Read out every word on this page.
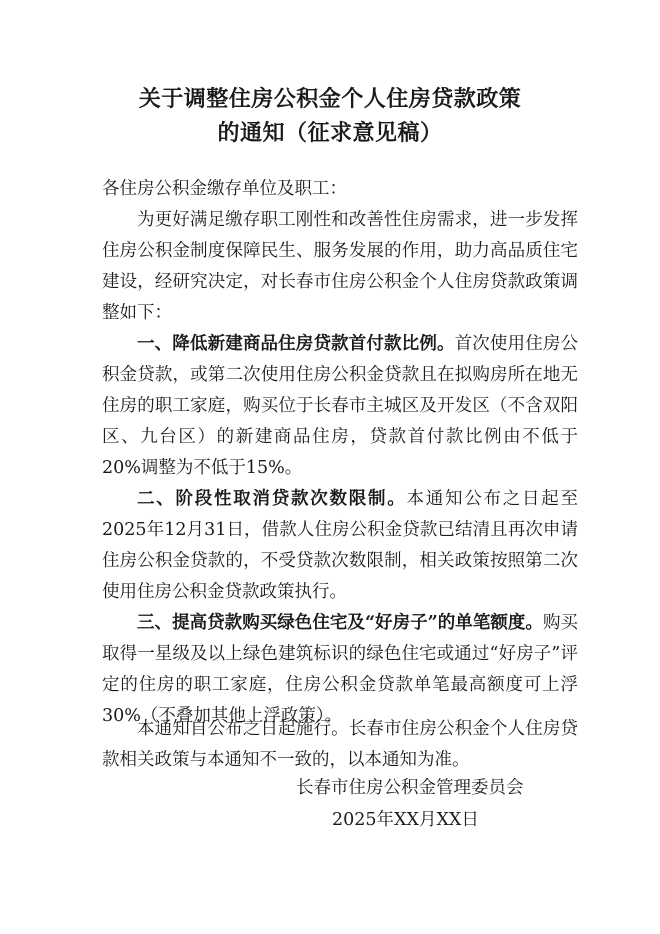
关于调整住房公积金个人住房贷款政策
的通知（征求意见稿）
各住房公积金缴存单位及职工：
为更好满足缴存职工刚性和改善性住房需求，进一步发挥住房公积金制度保障民生、服务发展的作用，助力高品质住宅建设，经研究决定，对长春市住房公积金个人住房贷款政策调整如下：
一、降低新建商品住房贷款首付款比例。首次使用住房公积金贷款，或第二次使用住房公积金贷款且在拟购房所在地无住房的职工家庭，购买位于长春市主城区及开发区（不含双阳区、九台区）的新建商品住房，贷款首付款比例由不低于20%调整为不低于15%。
二、阶段性取消贷款次数限制。本通知公布之日起至2025年12月31日，借款人住房公积金贷款已结清且再次申请住房公积金贷款的，不受贷款次数限制，相关政策按照第二次使用住房公积金贷款政策执行。
三、提高贷款购买绿色住宅及“好房子”的单笔额度。购买取得一星级及以上绿色建筑标识的绿色住宅或通过“好房子”评定的住房的职工家庭，住房公积金贷款单笔最高额度可上浮30%（不叠加其他上浮政策）。
本通知自公布之日起施行。长春市住房公积金个人住房贷款相关政策与本通知不一致的，以本通知为准。
长春市住房公积金管理委员会
2025年XX月XX日
